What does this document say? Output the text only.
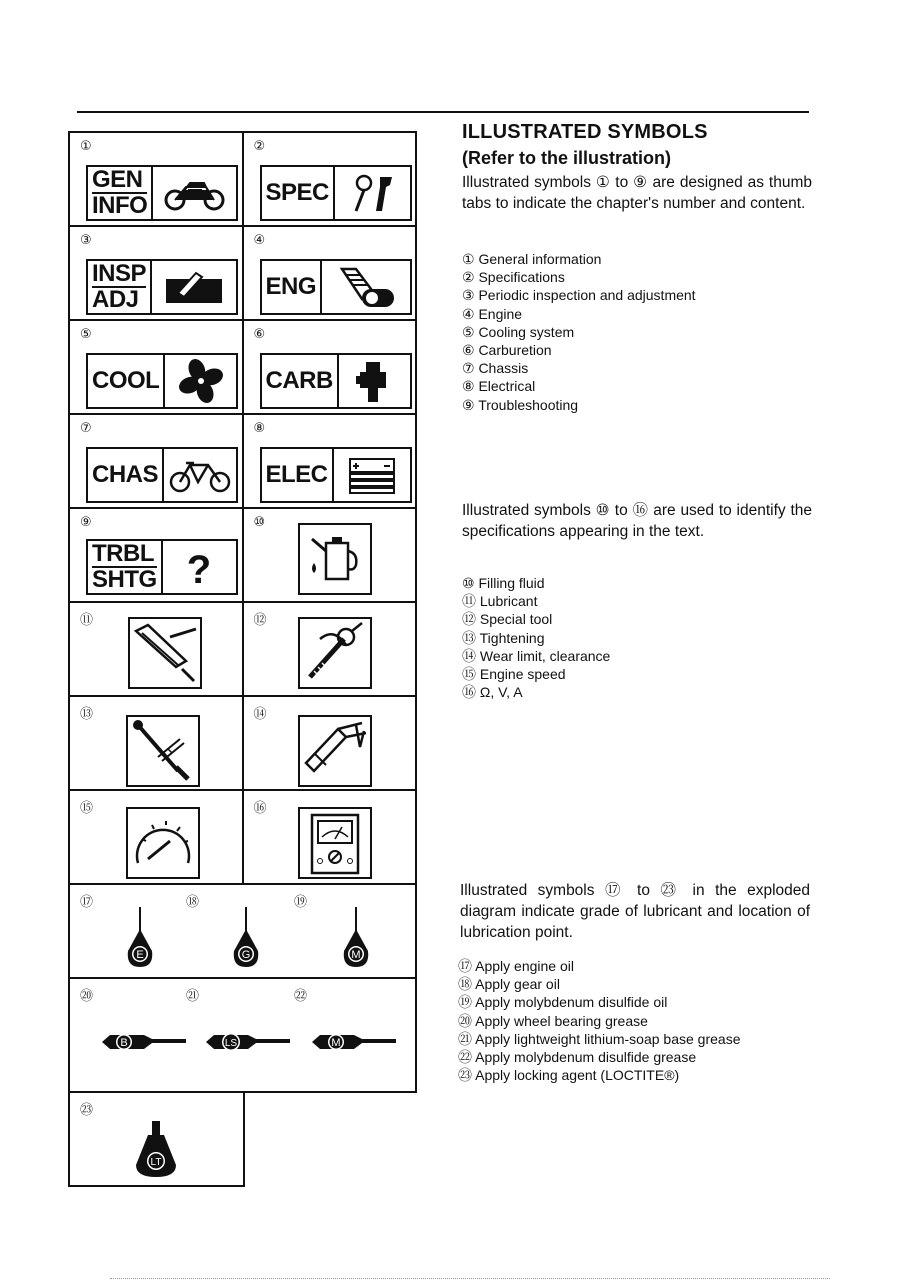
①
GEN
INFO
②
SPEC
③
INSP
ADJ
④
ENG
⑤
COOL
⑥
CARB
⑦
CHAS
⑧
ELEC
⑨
TRBL
SHTG ?
⑩
⑪	⑫
⑬	⑭
⑮	⑯
⑰	⑱	⑲
E	G	M
⑳	㉑	㉒
B	LS	M
㉓
LT
ILLUSTRATED SYMBOLS
(Refer to the illustration)
Illustrated symbols ① to ⑨ are designed as thumb tabs to indicate the chapter's number and content.
① General information
② Specifications
③ Periodic inspection and adjustment
④ Engine
⑤ Cooling system
⑥ Carburetion
⑦ Chassis
⑧ Electrical
⑨ Troubleshooting
Illustrated symbols ⑩ to ⑯ are used to identify the specifications appearing in the text.
⑩ Filling fluid
⑪ Lubricant
⑫ Special tool
⑬ Tightening
⑭ Wear limit, clearance
⑮ Engine speed
⑯ Ω, V, A
Illustrated symbols ⑰ to ㉓ in the exploded diagram indicate grade of lubricant and location of lubrication point.
⑰ Apply engine oil
⑱ Apply gear oil
⑲ Apply molybdenum disulfide oil
⑳ Apply wheel bearing grease
㉑ Apply lightweight lithium-soap base grease
㉒ Apply molybdenum disulfide grease
㉓ Apply locking agent (LOCTITE®)
